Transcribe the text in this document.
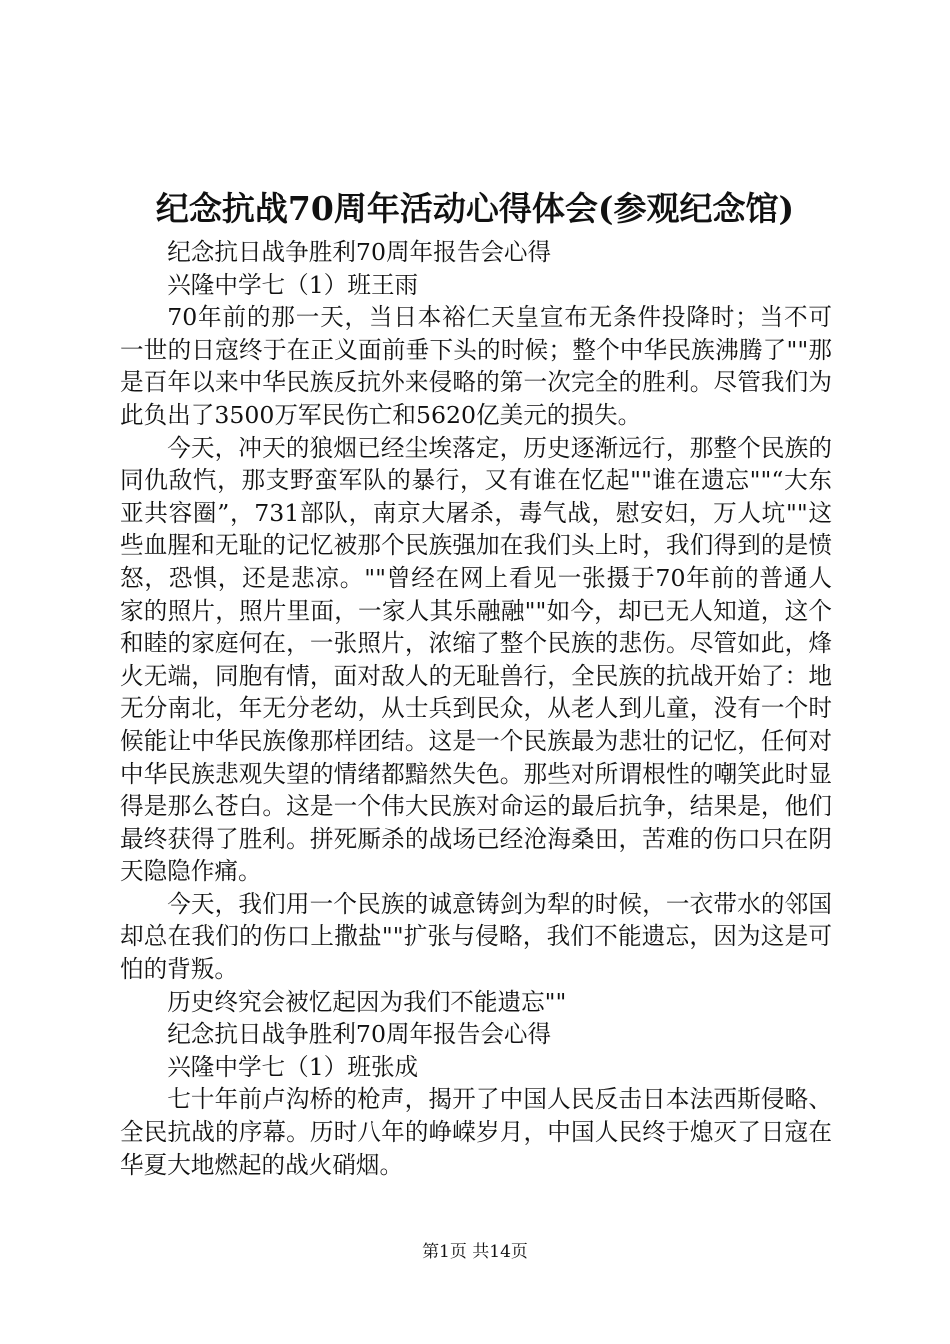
纪念抗战70周年活动心得体会(参观纪念馆)

纪念抗日战争胜利70周年报告会心得

兴隆中学七（1）班王雨

70年前的那一天，当日本裕仁天皇宣布无条件投降时；当不可一世的日寇终于在正义面前垂下头的时候；整个中华民族沸腾了""那是百年以来中华民族反抗外来侵略的第一次完全的胜利。尽管我们为此负出了3500万军民伤亡和5620亿美元的损失。

今天，冲天的狼烟已经尘埃落定，历史逐渐远行，那整个民族的同仇敌忾，那支野蛮军队的暴行，又有谁在忆起""谁在遗忘""“大东亚共容圈”，731部队，南京大屠杀，毒气战，慰安妇，万人坑""这些血腥和无耻的记忆被那个民族强加在我们头上时，我们得到的是愤怒，恐惧，还是悲凉。""曾经在网上看见一张摄于70年前的普通人家的照片，照片里面，一家人其乐融融""如今，却已无人知道，这个和睦的家庭何在，一张照片，浓缩了整个民族的悲伤。尽管如此，烽火无端，同胞有情，面对敌人的无耻兽行，全民族的抗战开始了：地无分南北，年无分老幼，从士兵到民众，从老人到儿童，没有一个时候能让中华民族像那样团结。这是一个民族最为悲壮的记忆，任何对中华民族悲观失望的情绪都黯然失色。那些对所谓根性的嘲笑此时显得是那么苍白。这是一个伟大民族对命运的最后抗争，结果是，他们最终获得了胜利。拼死厮杀的战场已经沧海桑田，苦难的伤口只在阴天隐隐作痛。

今天，我们用一个民族的诚意铸剑为犁的时候，一衣带水的邻国却总在我们的伤口上撒盐""扩张与侵略，我们不能遗忘，因为这是可怕的背叛。

历史终究会被忆起因为我们不能遗忘""

纪念抗日战争胜利70周年报告会心得

兴隆中学七（1）班张成

七十年前卢沟桥的枪声，揭开了中国人民反击日本法西斯侵略、全民抗战的序幕。历时八年的峥嵘岁月，中国人民终于熄灭了日寇在华夏大地燃起的战火硝烟。

第1页 共14页
